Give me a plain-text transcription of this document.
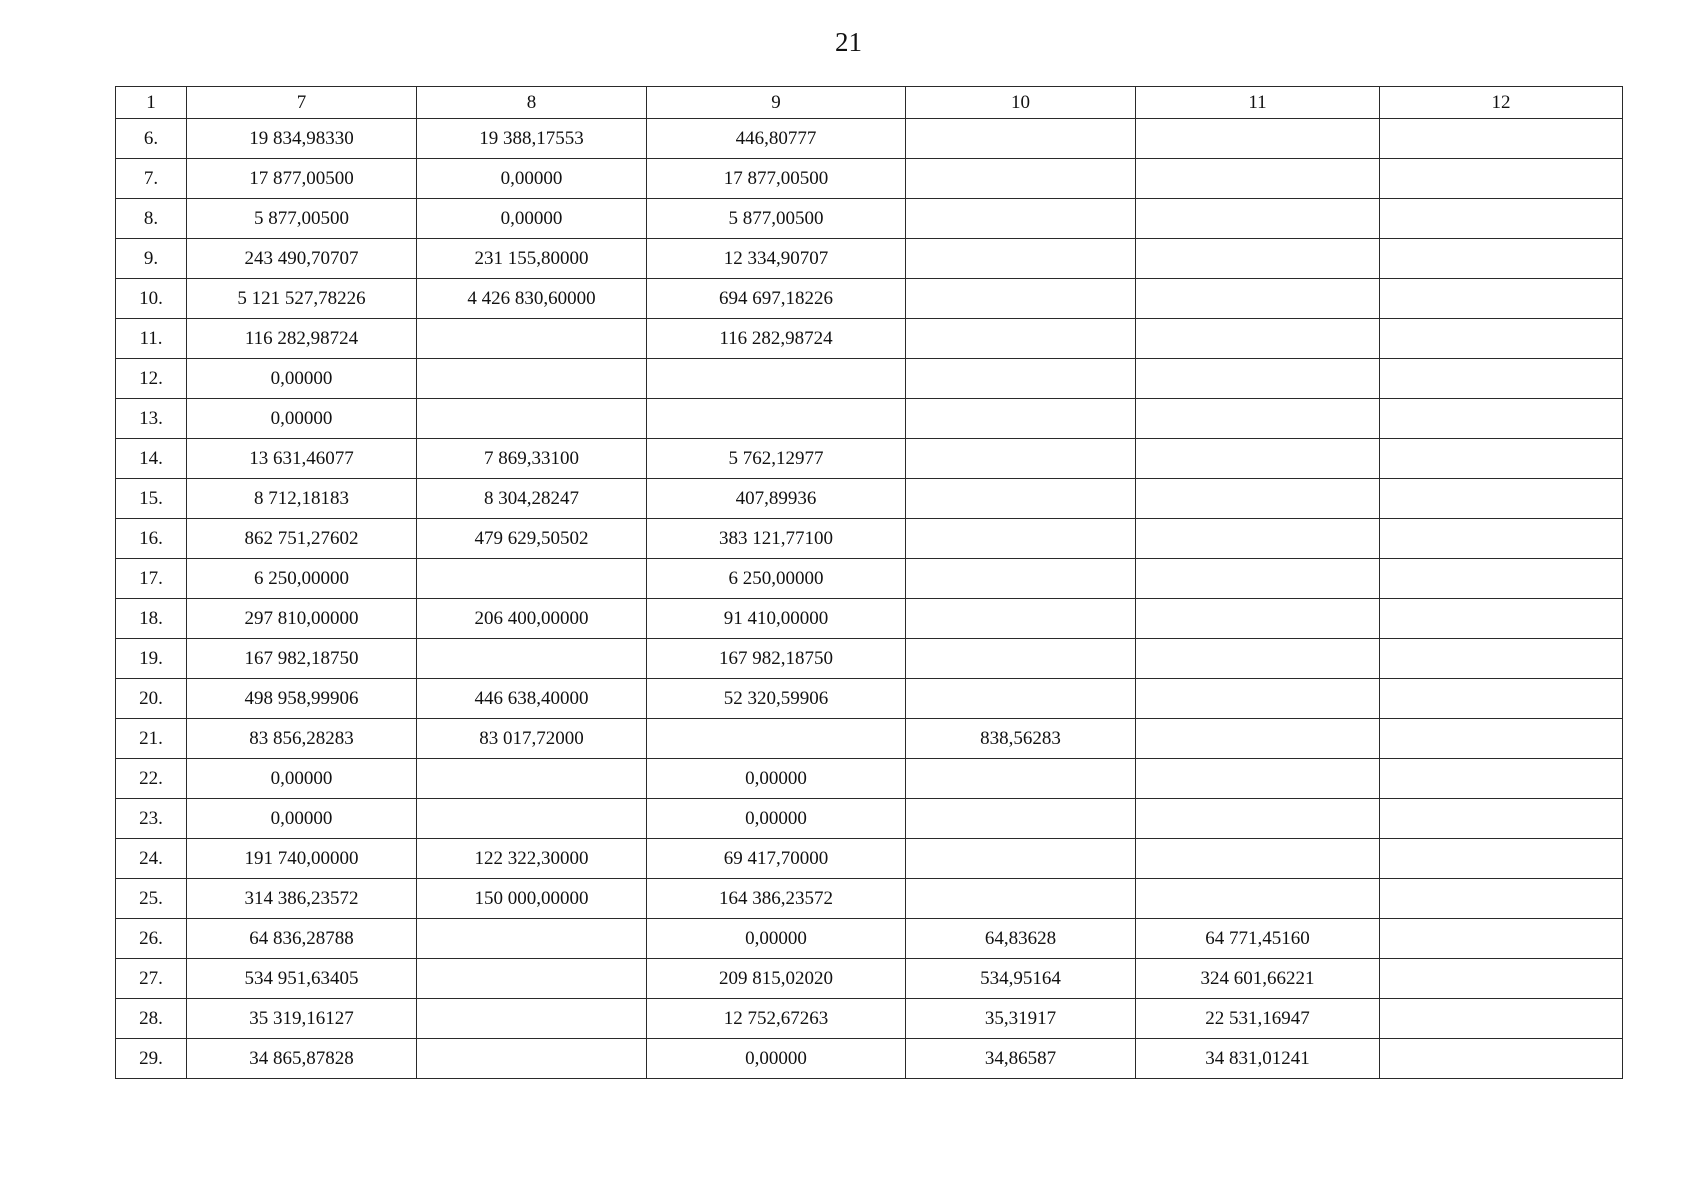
21
1	7	8	9	10	11	12
6.	19 834,98330	19 388,17553	446,80777			
7.	17 877,00500	0,00000	17 877,00500			
8.	5 877,00500	0,00000	5 877,00500			
9.	243 490,70707	231 155,80000	12 334,90707			
10.	5 121 527,78226	4 426 830,60000	694 697,18226			
11.	116 282,98724		116 282,98724			
12.	0,00000					
13.	0,00000					
14.	13 631,46077	7 869,33100	5 762,12977			
15.	8 712,18183	8 304,28247	407,89936			
16.	862 751,27602	479 629,50502	383 121,77100			
17.	6 250,00000		6 250,00000			
18.	297 810,00000	206 400,00000	91 410,00000			
19.	167 982,18750		167 982,18750			
20.	498 958,99906	446 638,40000	52 320,59906			
21.	83 856,28283	83 017,72000		838,56283		
22.	0,00000		0,00000			
23.	0,00000		0,00000			
24.	191 740,00000	122 322,30000	69 417,70000			
25.	314 386,23572	150 000,00000	164 386,23572			
26.	64 836,28788		0,00000	64,83628	64 771,45160	
27.	534 951,63405		209 815,02020	534,95164	324 601,66221	
28.	35 319,16127		12 752,67263	35,31917	22 531,16947	
29.	34 865,87828		0,00000	34,86587	34 831,01241	
